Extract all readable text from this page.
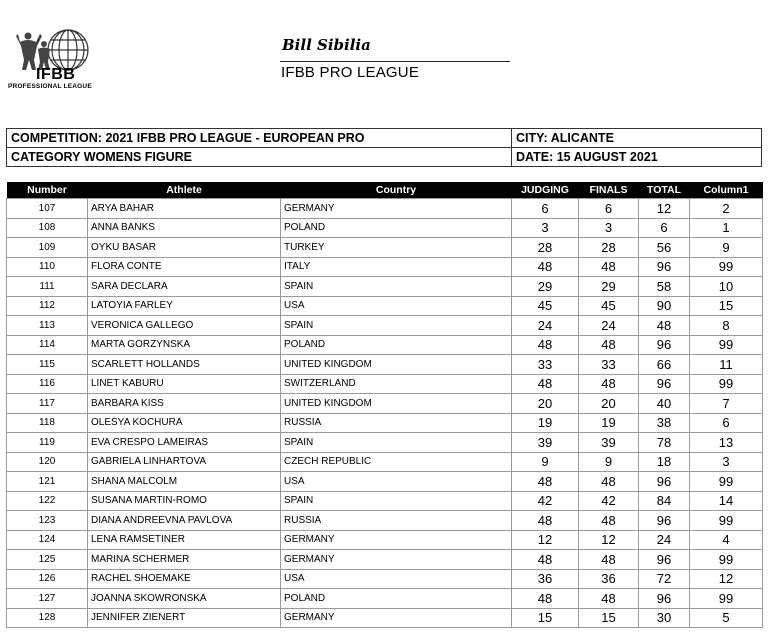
IFBB
PROFESSIONAL LEAGUE
Bill Sibilia
IFBB PRO LEAGUE
COMPETITION: 2021 IFBB PRO LEAGUE - EUROPEAN PRO	CITY: ALICANTE
CATEGORY WOMENS FIGURE	DATE: 15 AUGUST 2021
Number	Athlete	Country	JUDGING	FINALS	TOTAL	Column1
107	ARYA BAHAR	GERMANY	6	6	12	2
108	ANNA BANKS	POLAND	3	3	6	1
109	OYKU BASAR	TURKEY	28	28	56	9
110	FLORA CONTE	ITALY	48	48	96	99
111	SARA DECLARA	SPAIN	29	29	58	10
112	LATOYIA FARLEY	USA	45	45	90	15
113	VERONICA GALLEGO	SPAIN	24	24	48	8
114	MARTA GORZYNSKA	POLAND	48	48	96	99
115	SCARLETT HOLLANDS	UNITED KINGDOM	33	33	66	11
116	LINET KABURU	SWITZERLAND	48	48	96	99
117	BARBARA KISS	UNITED KINGDOM	20	20	40	7
118	OLESYA KOCHURA	RUSSIA	19	19	38	6
119	EVA CRESPO LAMEIRAS	SPAIN	39	39	78	13
120	GABRIELA LINHARTOVA	CZECH REPUBLIC	9	9	18	3
121	SHANA MALCOLM	USA	48	48	96	99
122	SUSANA MARTIN-ROMO	SPAIN	42	42	84	14
123	DIANA ANDREEVNA PAVLOVA	RUSSIA	48	48	96	99
124	LENA RAMSETINER	GERMANY	12	12	24	4
125	MARINA SCHERMER	GERMANY	48	48	96	99
126	RACHEL SHOEMAKE	USA	36	36	72	12
127	JOANNA SKOWRONSKA	POLAND	48	48	96	99
128	JENNIFER ZIENERT	GERMANY	15	15	30	5
